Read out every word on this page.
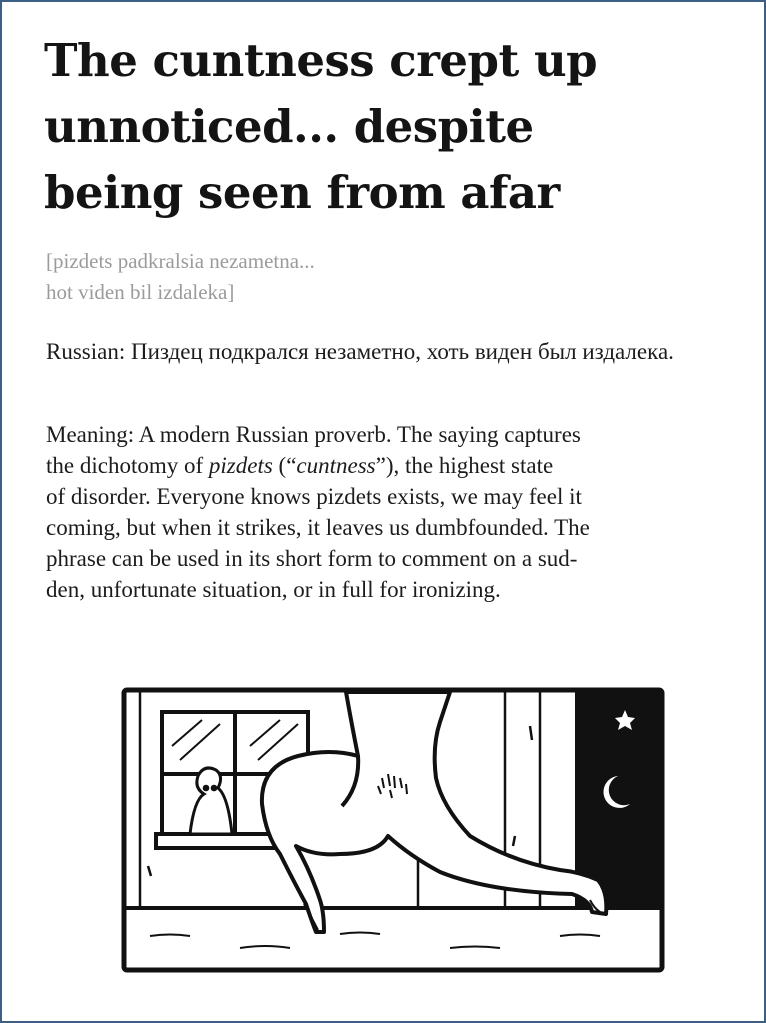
The cuntness crept up
unnoticed... despite
being seen from afar
[pizdets padkralsia nezametna...
hot viden bil izdaleka]

Russian: Пиздец подкрался незаметно, хоть виден был издалека.

Meaning: A modern Russian proverb. The saying captures
the dichotomy of pizdets (“cuntness”), the highest state
of disorder. Everyone knows pizdets exists, we may feel it
coming, but when it strikes, it leaves us dumbfounded. The
phrase can be used in its short form to comment on a sud-
den, unfortunate situation, or in full for ironizing.
